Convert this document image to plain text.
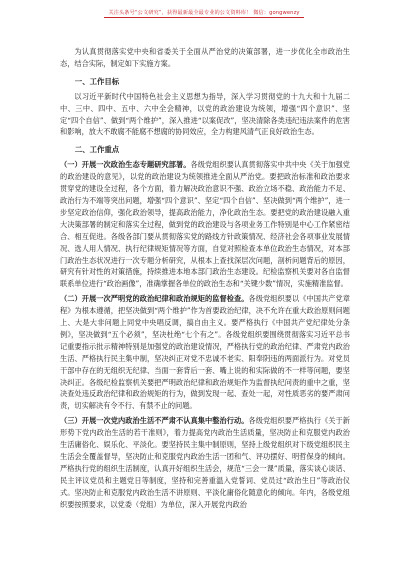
关注头条号“公文研究”，获得最新最全最专业的公文资料库！ 微信：gongwenzy

为认真贯彻落实党中央和省委关于全面从严治党的决策部署，进一步优化全市政治生态，结合实际，制定如下实施方案。

一、工作目标

以习近平新时代中国特色社会主义思想为指导，深入学习贯彻党的十九大和十九届二中、三中、四中、五中、六中全会精神，以党的政治建设为统领，增强“四个意识”、坚定“四个自信”、做到“两个维护”，深入推进“以案促改”，坚决清除各类违纪违法案件的危害和影响，放大不敢腐不能腐不想腐的协同效应，全力构建风清气正良好政治生态。

二、工作重点

（一）开展一次政治生态专题研究部署。各级党组织要认真贯彻落实中共中央《关于加强党的政治建设的意见》，以党的政治建设为统领推进全面从严治党。要把政治标准和政治要求贯穿党的建设全过程，各个方面，着力解决政治意识不强、政治立场不稳、政治能力不足、政治行为不端等突出问题，增强“四个意识”、坚定“四个自信”、坚决做到“两个维护”，进一步坚定政治信仰，强化政治领导，提高政治能力，净化政治生态。要把党的政治建设融入重大决策部署的制定和落实全过程，做到党的政治建设与各项业务工作特别是中心工作紧密结合、相互促进。各级各部门要从贯彻落实党的路线方针政策情况、经济社会各项事业发展情况、选人用人情况、执行纪律规矩情况等方面，自觉对照检查本单位政治生态情况，对本部门政治生态状况进行一次专题分析研究，从根本上查找深层次问题，剖析问题背后的原因，研究有针对性的对策措施，持续推进本地本部门政治生态建设。纪检监察机关要对各自监督联系单位进行“政治画像”，准确掌握各单位的政治生态和“关键少数”情况，实施精准监督。

（二）开展一次严明党的政治纪律和政治规矩的监督检查。各级党组织要以《中国共产党章程》为根本遵循，把坚决做到“两个维护”作为首要政治纪律，决不允许在重大政治原则问题上、大是大非问题上同党中央唱反调，搞自由主义。要严格执行《中国共产党纪律处分条例》，坚决做到“五个必须”，坚决杜绝“七个有之”。各级党组织要围绕贯彻落实习近平总书记重要指示批示精神特别是加强党的政治建设情况，严格执行党的政治纪律、严肃党内政治生活、严格执行民主集中制，坚决纠正对党不忠诚不老实、阳奉阴违的两面派行为。对党员干部中存在的无组织无纪律、当面一套背后一套、嘴上说的和实际做的不一样等问题，要坚决纠正。各级纪检监察机关要把严明政治纪律和政治规矩作为监督执纪问责的重中之重，坚决查处违反政治纪律和政治规矩的行为，做到发现一起、查处一起，对性质恶劣的要严肃问责，切实解决有令不行、有禁不止的问题。

（三）开展一次党内政治生活不严肃不认真集中整治行动。各级党组织要严格执行《关于新形势下党内政治生活的若干准则》，着力提高党内政治生活质量，坚决防止和克服党内政治生活庸俗化、娱乐化、平淡化。要坚持民主集中制原则，坚持上级党组织对下级党组织民主生活会全覆盖督导，坚决防止和克服党内政治生活一团和气、评功摆好、明哲保身的倾向。严格执行党的组织生活制度，认真开好组织生活会，规范“三会一课”质量，落实谈心谈话、民主评议党员和主题党日等制度，坚持和完善重温入党誓词、党员过“政治生日”等政治仪式。坚决防止和克服党内政治生活不讲原则、平淡化庸俗化随意化的倾向。年内，各级党组织要按照要求，以党委（党组）为单位，深入开展党内政治
